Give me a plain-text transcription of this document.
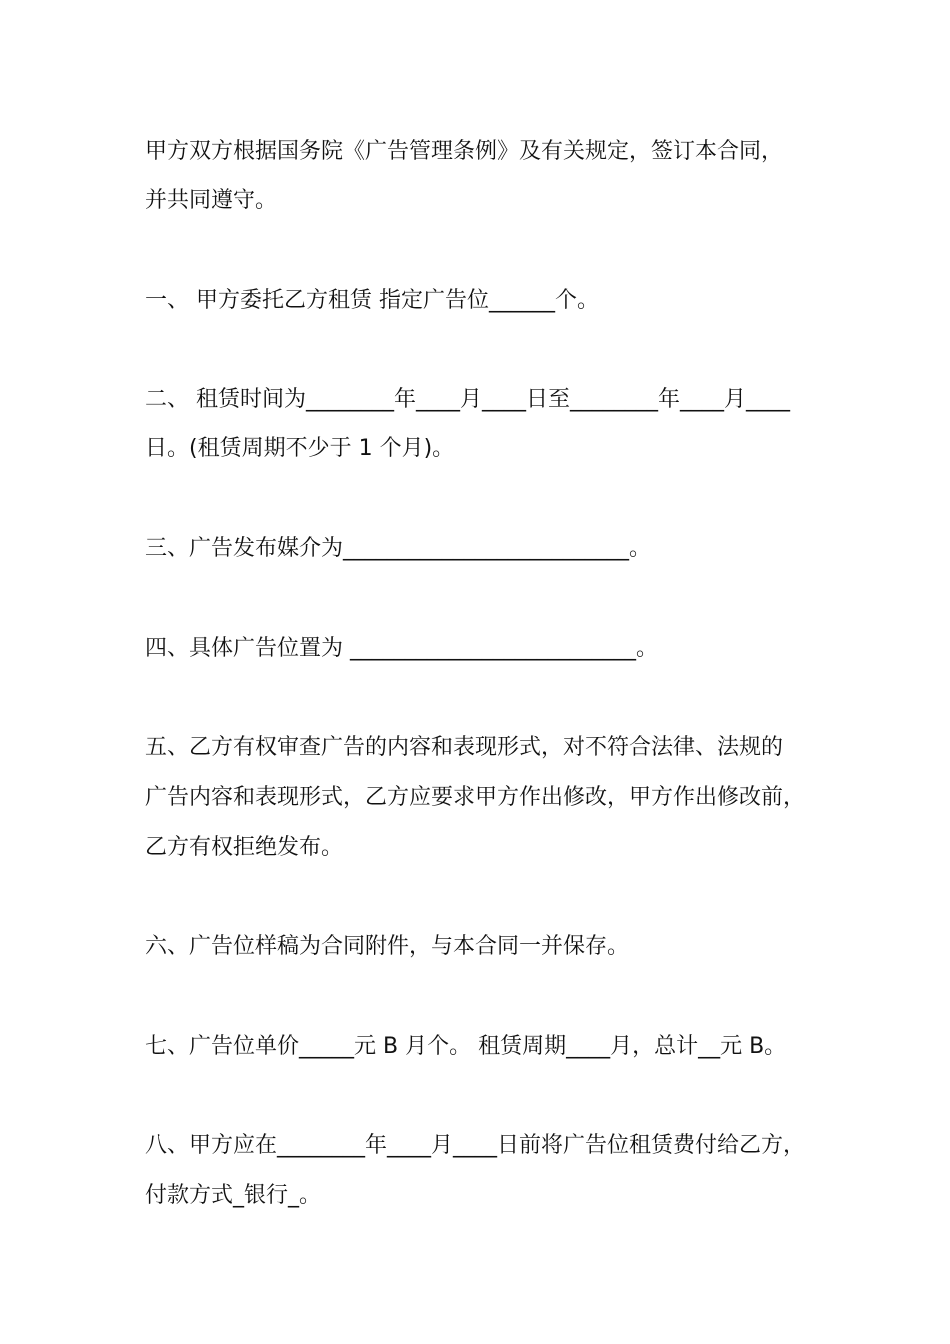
甲方双方根据国务院《广告管理条例》及有关规定，签订本合同，

并共同遵守。

一、 甲方委托乙方租赁 指定广告位______个。

二、 租赁时间为________年____月____日至________年____月____

日。(租赁周期不少于 1 个月)。

三、广告发布媒介为__________________________。

四、具体广告位置为 __________________________。

五、乙方有权审查广告的内容和表现形式，对不符合法律、法规的

广告内容和表现形式，乙方应要求甲方作出修改，甲方作出修改前，

乙方有权拒绝发布。

六、广告位样稿为合同附件，与本合同一并保存。

七、广告位单价_____元 B 月个。 租赁周期____月，总计__元 B。

八、甲方应在________年____月____日前将广告位租赁费付给乙方，

付款方式_银行_。
